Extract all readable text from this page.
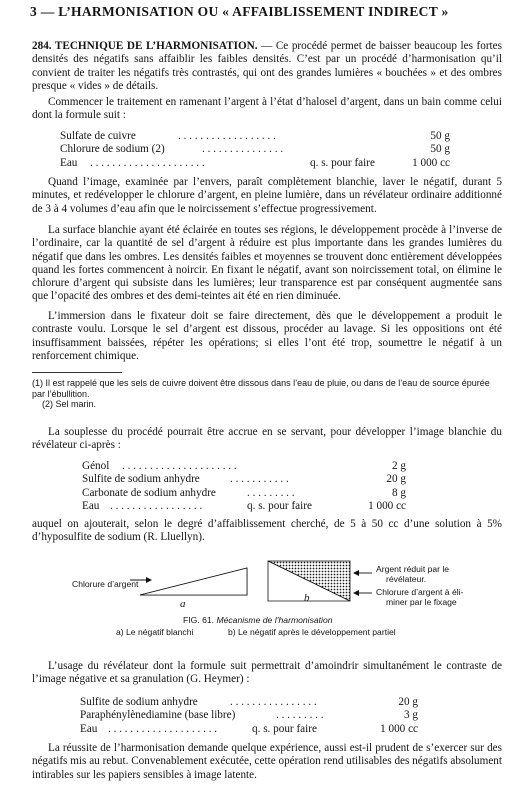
3 — L’HARMONISATION OU « AFFAIBLISSEMENT INDIRECT »
284. TECHNIQUE DE L’HARMONISATION. — Ce procédé permet de baisser beaucoup les fortes densités des négatifs sans affaiblir les faibles densités. C’est par un procédé d’harmonisation qu’il convient de traiter les négatifs très contrastés, qui ont des grandes lumières « bouchées » et des ombres presque « vides » de détails.
Commencer le traitement en ramenant l’argent à l’état d’halosel d’argent, dans un bain comme celui dont la formule suit :
Sulfate de cuivre	. . . . . . . . . . . . . . . . . .	50 g
Chlorure de sodium (2)	. . . . . . . . . . . . . . .	50 g
Eau . . . . . . . . . . . . . . . . . . . . .	q. s. pour faire	1 000 cc
Quand l’image, examinée par l’envers, paraît complètement blanchie, laver le négatif, durant 5 minutes, et redévelopper le chlorure d’argent, en pleine lumière, dans un révélateur ordinaire additionné de 3 à 4 volumes d’eau afin que le noircissement s’effectue progressivement.
La surface blanchie ayant été éclairée en toutes ses régions, le développement procède à l’inverse de l’ordinaire, car la quantité de sel d’argent à réduire est plus importante dans les grandes lumières du négatif que dans les ombres. Les densités faibles et moyennes se trouvent donc entièrement développées quand les fortes commencent à noircir. En fixant le négatif, avant son noircissement total, on élimine le chlorure d’argent qui subsiste dans les lumières; leur transparence est par conséquent augmentée sans que l’opacité des ombres et des demi-teintes ait été en rien diminuée.
L’immersion dans le fixateur doit se faire directement, dès que le développement a produit le contraste voulu. Lorsque le sel d’argent est dissous, procéder au lavage. Si les oppositions ont été insuffisamment baissées, répéter les opérations; si elles l’ont été trop, soumettre le négatif à un renforcement chimique.
(1) Il est rappelé que les sels de cuivre doivent être dissous dans l’eau de pluie, ou dans de l’eau de source épurée par l’ébullition.
(2) Sel marin.
La souplesse du procédé pourrait être accrue en se servant, pour développer l’image blanchie du révélateur ci-après :
Génol . . . . . . . . . . . . . . . . . . . . .	2 g
Sulfite de sodium anhydre	. . . . . . . . . . .	20 g
Carbonate de sodium anhydre	. . . . . . . . .	8 g
Eau . . . . . . . . . . . . . . . . .	q. s. pour faire	1 000 cc
auquel on ajouterait, selon le degré d’affaiblissement cherché, de 5 à 50 cc d’une solution à 5% d’hyposulfite de sodium (R. Lluellyn).
Chlorure d’argent
a	b
Argent réduit par le
révélateur.
Chlorure d’argent à éli-
miner par le fixage
FIG. 61. Mécanisme de l’harmonisation
a) Le négatif blanchi	b) Le négatif après le développement partiel
L’usage du révélateur dont la formule suit permettrait d’amoindrir simultanément le contraste de l’image négative et sa granulation (G. Heymer) :
Sulfite de sodium anhydre	. . . . . . . . . . . . . . . .	20 g
Paraphénylènediamine (base libre)	. . . . . . . . .	3 g
Eau . . . . . . . . . . . . . . . . . . . .	q. s. pour faire	1 000 cc
La réussite de l’harmonisation demande quelque expérience, aussi est-il prudent de s’exercer sur des négatifs mis au rebut. Convenablement exécutée, cette opération rend utilisables des négatifs absolument intirables sur les papiers sensibles à image latente.
